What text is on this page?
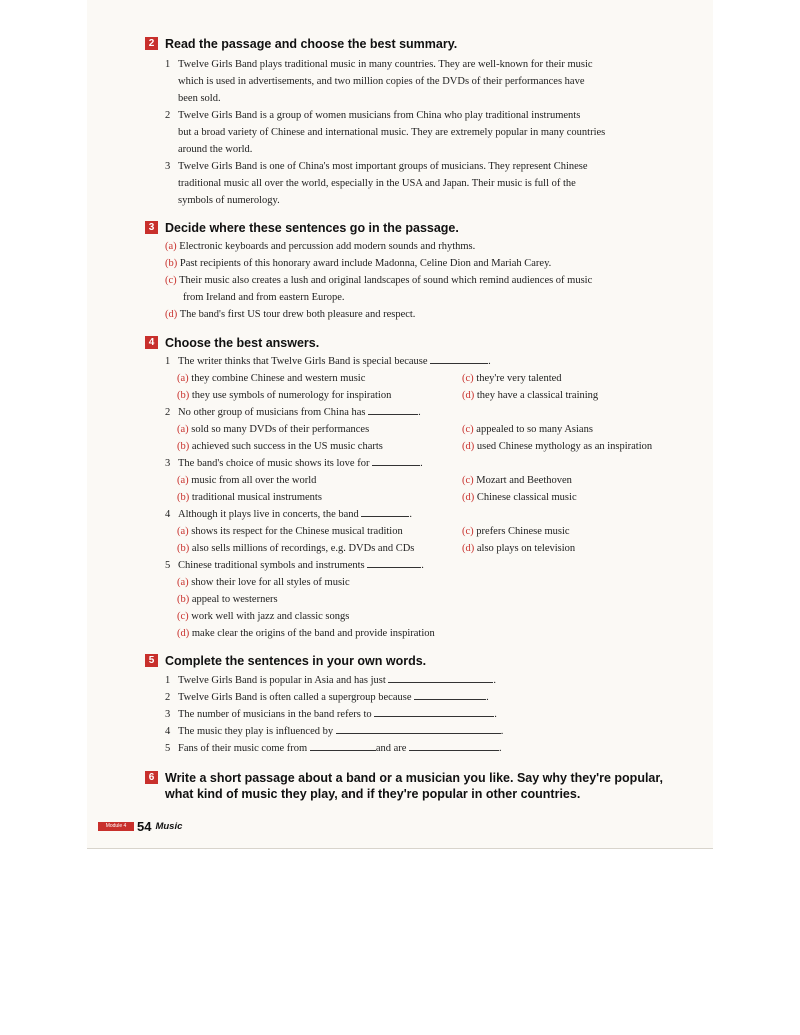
2 Read the passage and choose the best summary.
1 Twelve Girls Band plays traditional music in many countries. They are well-known for their music
which is used in advertisements, and two million copies of the DVDs of their performances have
been sold.
2 Twelve Girls Band is a group of women musicians from China who play traditional instruments
but a broad variety of Chinese and international music. They are extremely popular in many countries
around the world.
3 Twelve Girls Band is one of China's most important groups of musicians. They represent Chinese
traditional music all over the world, especially in the USA and Japan. Their music is full of the
symbols of numerology.
3 Decide where these sentences go in the passage.
(a) Electronic keyboards and percussion add modern sounds and rhythms.
(b) Past recipients of this honorary award include Madonna, Celine Dion and Mariah Carey.
(c) Their music also creates a lush and original landscapes of sound which remind audiences of music
from Ireland and from eastern Europe.
(d) The band's first US tour drew both pleasure and respect.
4 Choose the best answers.
1 The writer thinks that Twelve Girls Band is special because	.
(a) they combine Chinese and western music	(c) they're very talented
(b) they use symbols of numerology for inspiration	(d) they have a classical training
2 No other group of musicians from China has	.
(a) sold so many DVDs of their performances	(c) appealed to so many Asians
(b) achieved such success in the US music charts	(d) used Chinese mythology as an inspiration
3 The band's choice of music shows its love for	.
(a) music from all over the world	(c) Mozart and Beethoven
(b) traditional musical instruments	(d) Chinese classical music
4 Although it plays live in concerts, the band	.
(a) shows its respect for the Chinese musical tradition	(c) prefers Chinese music
(b) also sells millions of recordings, e.g. DVDs and CDs	(d) also plays on television
5 Chinese traditional symbols and instruments	.
(a) show their love for all styles of music
(b) appeal to westerners
(c) work well with jazz and classic songs
(d) make clear the origins of the band and provide inspiration
5 Complete the sentences in your own words.
1 Twelve Girls Band is popular in Asia and has just	.
2 Twelve Girls Band is often called a supergroup because	.
3 The number of musicians in the band refers to	.
4 The music they play is influenced by	.
5 Fans of their music come from	and are	.
6 Write a short passage about a band or a musician you like. Say why they're popular,
what kind of music they play, and if they're popular in other countries.
Module 4 54 Music
